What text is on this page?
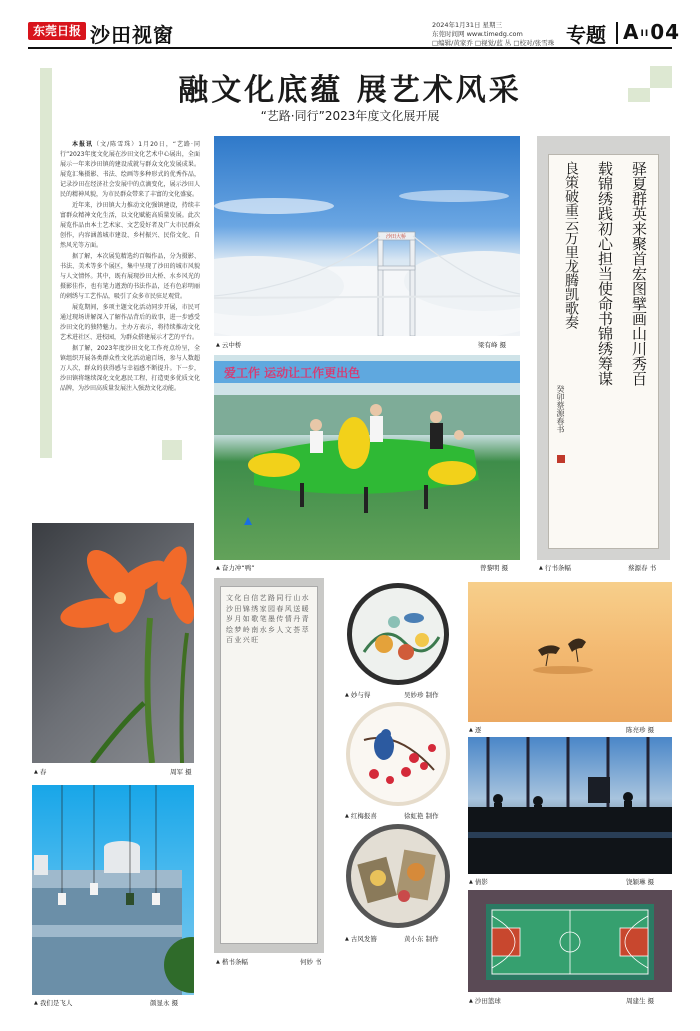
东莞日报 沙田视窗	2024年1月31日 星期三
东莞时间网 www.timedg.com
□编辑/黄家乔 □视觉/蓝 丛 □校对/张雪珠 专题 AII04
融文化底蕴 展艺术风采
“艺路·同行”2023年度文化展开展

本报讯（文/陈雪珠）1月20日，“艺路·同行”2023年度文化展在沙田文化艺术中心展出，全面展示一年来沙田镇的建设成就与群众文化发展成果。展览汇集摄影、书法、绘画等多种形式的优秀作品，记录沙田在经济社会发展中的点滴变化，展示沙田人民的精神风貌，为市民群众带来了丰富的文化盛宴。

近年来，沙田镇大力推动文化强镇建设，持续丰富群众精神文化生活，以文化赋能高质量发展。此次展览作品由本土艺术家、文艺爱好者及广大市民群众创作，内容涵盖城市建设、乡村振兴、民俗文化、自然风光等方面。

据了解，本次展览精选约百幅作品，分为摄影、书法、美术等多个展区，集中呈现了沙田的城市风貌与人文情怀。其中，既有展现沙田大桥、水乡风光的摄影佳作，也有笔力遒劲的书法作品，还有色彩明丽的刺绣与工艺作品，吸引了众多市民驻足观赏。

展览期间，多项主题文化活动同步开展，市民可通过现场讲解深入了解作品背后的故事，进一步感受沙田文化的独特魅力。主办方表示，将持续推动文化艺术进社区、进校园，为群众搭建展示才艺的平台。

据了解，2023年度沙田文化工作亮点纷呈，全镇组织开展各类群众性文化活动逾百场，参与人数超万人次，群众的获得感与幸福感不断提升。下一步，沙田镇将继续深化文化惠民工程，打造更多优质文化品牌，为沙田高质量发展注入强劲文化动能。

沙田大桥
▲ 云中桥	梁有峰 摄
爱工作 运动让工作更出色
▲ 奋力冲“鸭”	曾黎明 摄
驿夏群英来聚首宏图擘画山川秀百
载锦绣践初心担当使命书锦绣筹谋
良策破重云万里龙腾凯歌奏
癸卯蔡源春书
▲ 行书条幅	蔡源春 书
▲ 春	周军 摄
▲ 我们是飞人	颜显永 摄
文化自信艺路同行山水沙田锦绣家园春风送暖岁月如歌笔墨传情丹青绘梦岭南水乡人文荟萃百业兴旺
▲ 楷书条幅	何妙 书
▲ 妙与得	吴妙珍 制作
▲ 红梅报喜	徐虹艳 制作
▲ 古风发簪	黄小东 制作
▲ 逐	陈亮珍 摄
▲ 倩影	饶颖琳 摄
▲ 沙田篮球	周建生 摄
